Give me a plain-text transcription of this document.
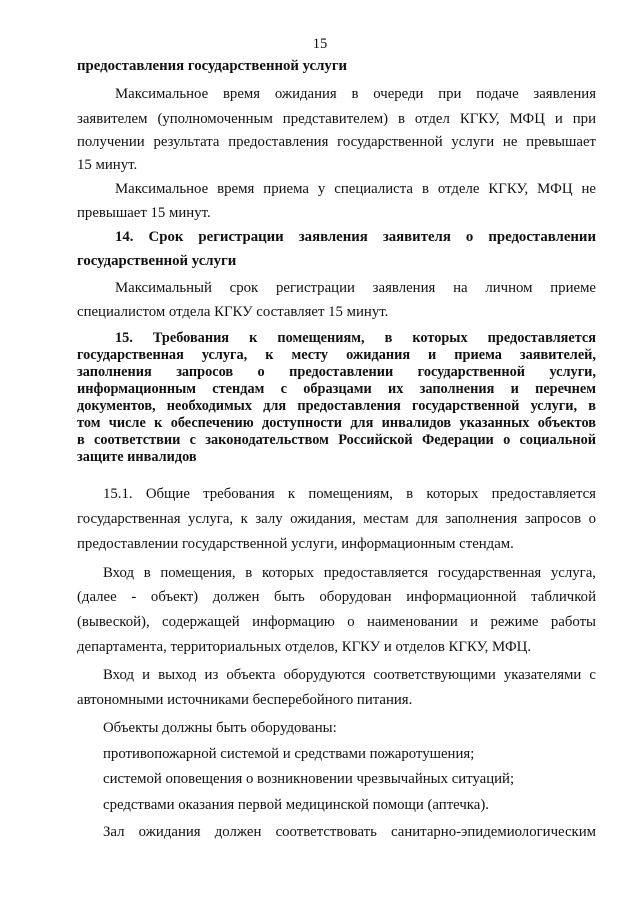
15
предоставления государственной услуги
Максимальное время ожидания в очереди при подаче заявления
заявителем (уполномоченным представителем) в отдел КГКУ, МФЦ и при
получении результата предоставления государственной услуги не превышает
15 минут.
Максимальное время приема у специалиста в отделе КГКУ, МФЦ не
превышает 15 минут.
14. Срок регистрации заявления заявителя о предоставлении
государственной услуги
Максимальный срок регистрации заявления на личном приеме
специалистом отдела КГКУ составляет 15 минут.
15. Требования к помещениям, в которых предоставляется
государственная услуга, к месту ожидания и приема заявителей,
заполнения запросов о предоставлении государственной услуги,
информационным стендам с образцами их заполнения и перечнем
документов, необходимых для предоставления государственной услуги, в
том числе к обеспечению доступности для инвалидов указанных объектов
в соответствии с законодательством Российской Федерации о социальной
защите инвалидов
15.1. Общие требования к помещениям, в которых предоставляется
государственная услуга, к залу ожидания, местам для заполнения запросов о
предоставлении государственной услуги, информационным стендам.
Вход в помещения, в которых предоставляется государственная услуга,
(далее - объект) должен быть оборудован информационной табличкой
(вывеской), содержащей информацию о наименовании и режиме работы
департамента, территориальных отделов, КГКУ и отделов КГКУ, МФЦ.
Вход и выход из объекта оборудуются соответствующими указателями с
автономными источниками бесперебойного питания.
Объекты должны быть оборудованы:
противопожарной системой и средствами пожаротушения;
системой оповещения о возникновении чрезвычайных ситуаций;
средствами оказания первой медицинской помощи (аптечка).
Зал ожидания должен соответствовать санитарно-эпидемиологическим
